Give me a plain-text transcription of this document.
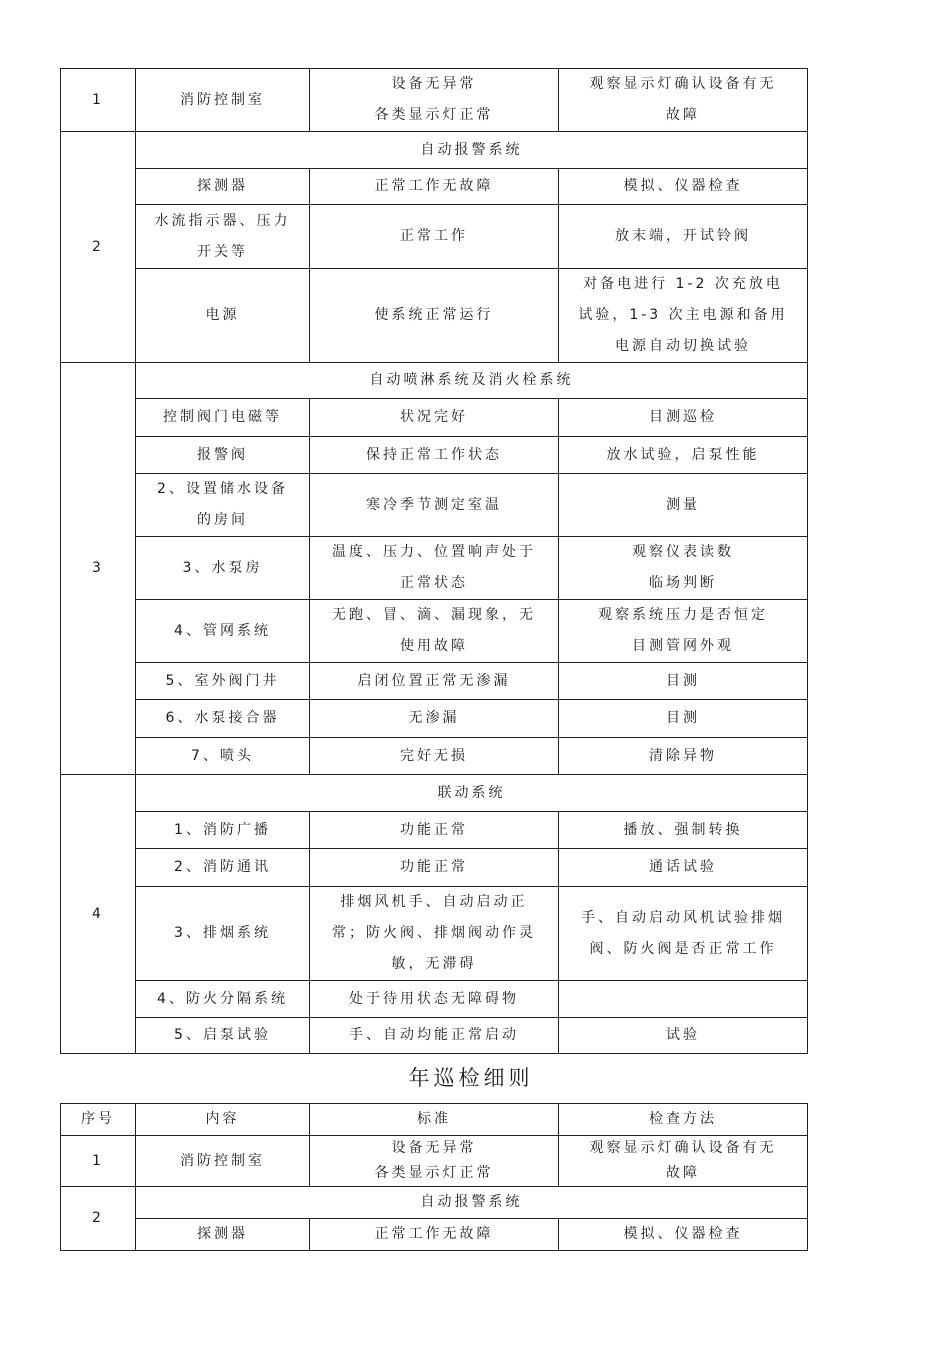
1	消防控制室	设备无异常
各类显示灯正常	观察显示灯确认设备有无
故障

2	自动报警系统		
	探测器	正常工作无故障	模拟、仪器检查

	水流指示器、压力
开关等	正常工作	放末端，开试铃阀
	电源	使系统正常运行	对备电进行 1-2 次充放电
试验，1-3 次主电源和备用
电源自动切换试验

3	自动喷淋系统及消火栓系统		
	控制阀门电磁等	状况完好	目测巡检
	报警阀	保持正常工作状态	放水试验，启泵性能

	2、设置储水设备
的房间	寒冷季节测定室温	测量
	3、水泵房	温度、压力、位置响声处于
正常状态	观察仪表读数
临场判断

	4、管网系统	无跑、冒、滴、漏现象，无
使用故障	观察系统压力是否恒定
目测管网外观

	5、室外阀门井	启闭位置正常无渗漏	目测
	6、水泵接合器	无渗漏	目测
	7、喷头	完好无损	清除异物
4	联动系统		
	1、消防广播	功能正常	播放、强制转换
	2、消防通讯	功能正常	通话试验
	3、排烟系统	排烟风机手、自动启动正
常；防火阀、排烟阀动作灵
敏，无滞碍	手、自动启动风机试验排烟
阀、防火阀是否正常工作

	4、防火分隔系统	处于待用状态无障碍物	
	5、启泵试验	手、自动均能正常启动	试验
年巡检细则
序号	内容	标准	检查方法
1	消防控制室	设备无异常
各类显示灯正常	观察显示灯确认设备有无
故障

2	自动报警系统		
	探测器	正常工作无故障	模拟、仪器检查
